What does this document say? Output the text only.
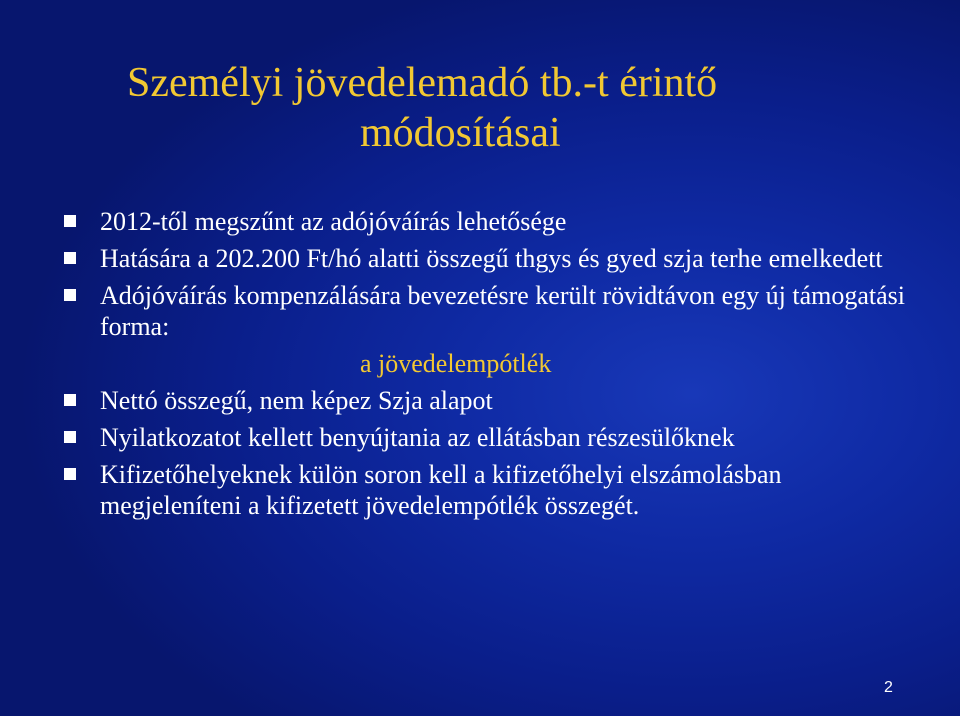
Személyi jövedelemadó tb.-t érintő
módosításai
2012-től megszűnt az adójóváírás lehetősége
Hatására a 202.200 Ft/hó alatti összegű thgys és gyed szja terhe emelkedett
Adójóváírás kompenzálására bevezetésre került rövidtávon egy új támogatási forma:
a jövedelempótlék
Nettó összegű, nem képez Szja alapot
Nyilatkozatot kellett benyújtania az ellátásban részesülőknek
Kifizetőhelyeknek külön soron kell a kifizetőhelyi elszámolásban megjeleníteni a kifizetett jövedelempótlék összegét.
2
